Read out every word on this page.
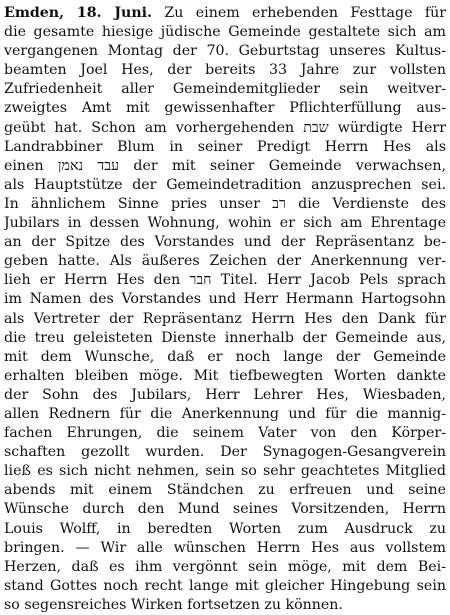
Emden, 18. Juni. Zu einem erhebenden Festtage für
die gesamte hiesige jüdische Gemeinde gestaltete sich am
vergangenen Montag der 70. Geburtstag unseres Kultus-
beamten Joel Hes, der bereits 33 Jahre zur vollsten
Zufriedenheit aller Gemeindemitglieder sein weitver-
zweigtes Amt mit gewissenhafter Pflichterfüllung aus-
geübt hat. Schon am vorhergehenden שבת würdigte Herr
Landrabbiner Blum in seiner Predigt Herrn Hes als
einen עבד נאמן der mit seiner Gemeinde verwachsen,
als Hauptstütze der Gemeindetradition anzusprechen sei.
In ähnlichem Sinne pries unser רב die Verdienste des
Jubilars in dessen Wohnung, wohin er sich am Ehrentage
an der Spitze des Vorstandes und der Repräsentanz be-
geben hatte. Als äußeres Zeichen der Anerkennung ver-
lieh er Herrn Hes den חבר Titel. Herr Jacob Pels sprach
im Namen des Vorstandes und Herr Hermann Hartogsohn
als Vertreter der Repräsentanz Herrn Hes den Dank für
die treu geleisteten Dienste innerhalb der Gemeinde aus,
mit dem Wunsche, daß er noch lange der Gemeinde
erhalten bleiben möge. Mit tiefbewegten Worten dankte
der Sohn des Jubilars, Herr Lehrer Hes, Wiesbaden,
allen Rednern für die Anerkennung und für die mannig-
fachen Ehrungen, die seinem Vater von den Körper-
schaften gezollt wurden. Der Synagogen-Gesangverein
ließ es sich nicht nehmen, sein so sehr geachtetes Mitglied
abends mit einem Ständchen zu erfreuen und seine
Wünsche durch den Mund seines Vorsitzenden, Herrn
Louis Wolff, in beredten Worten zum Ausdruck zu
bringen. — Wir alle wünschen Herrn Hes aus vollstem
Herzen, daß es ihm vergönnt sein möge, mit dem Bei-
stand Gottes noch recht lange mit gleicher Hingebung sein
so segensreiches Wirken fortsetzen zu können.
